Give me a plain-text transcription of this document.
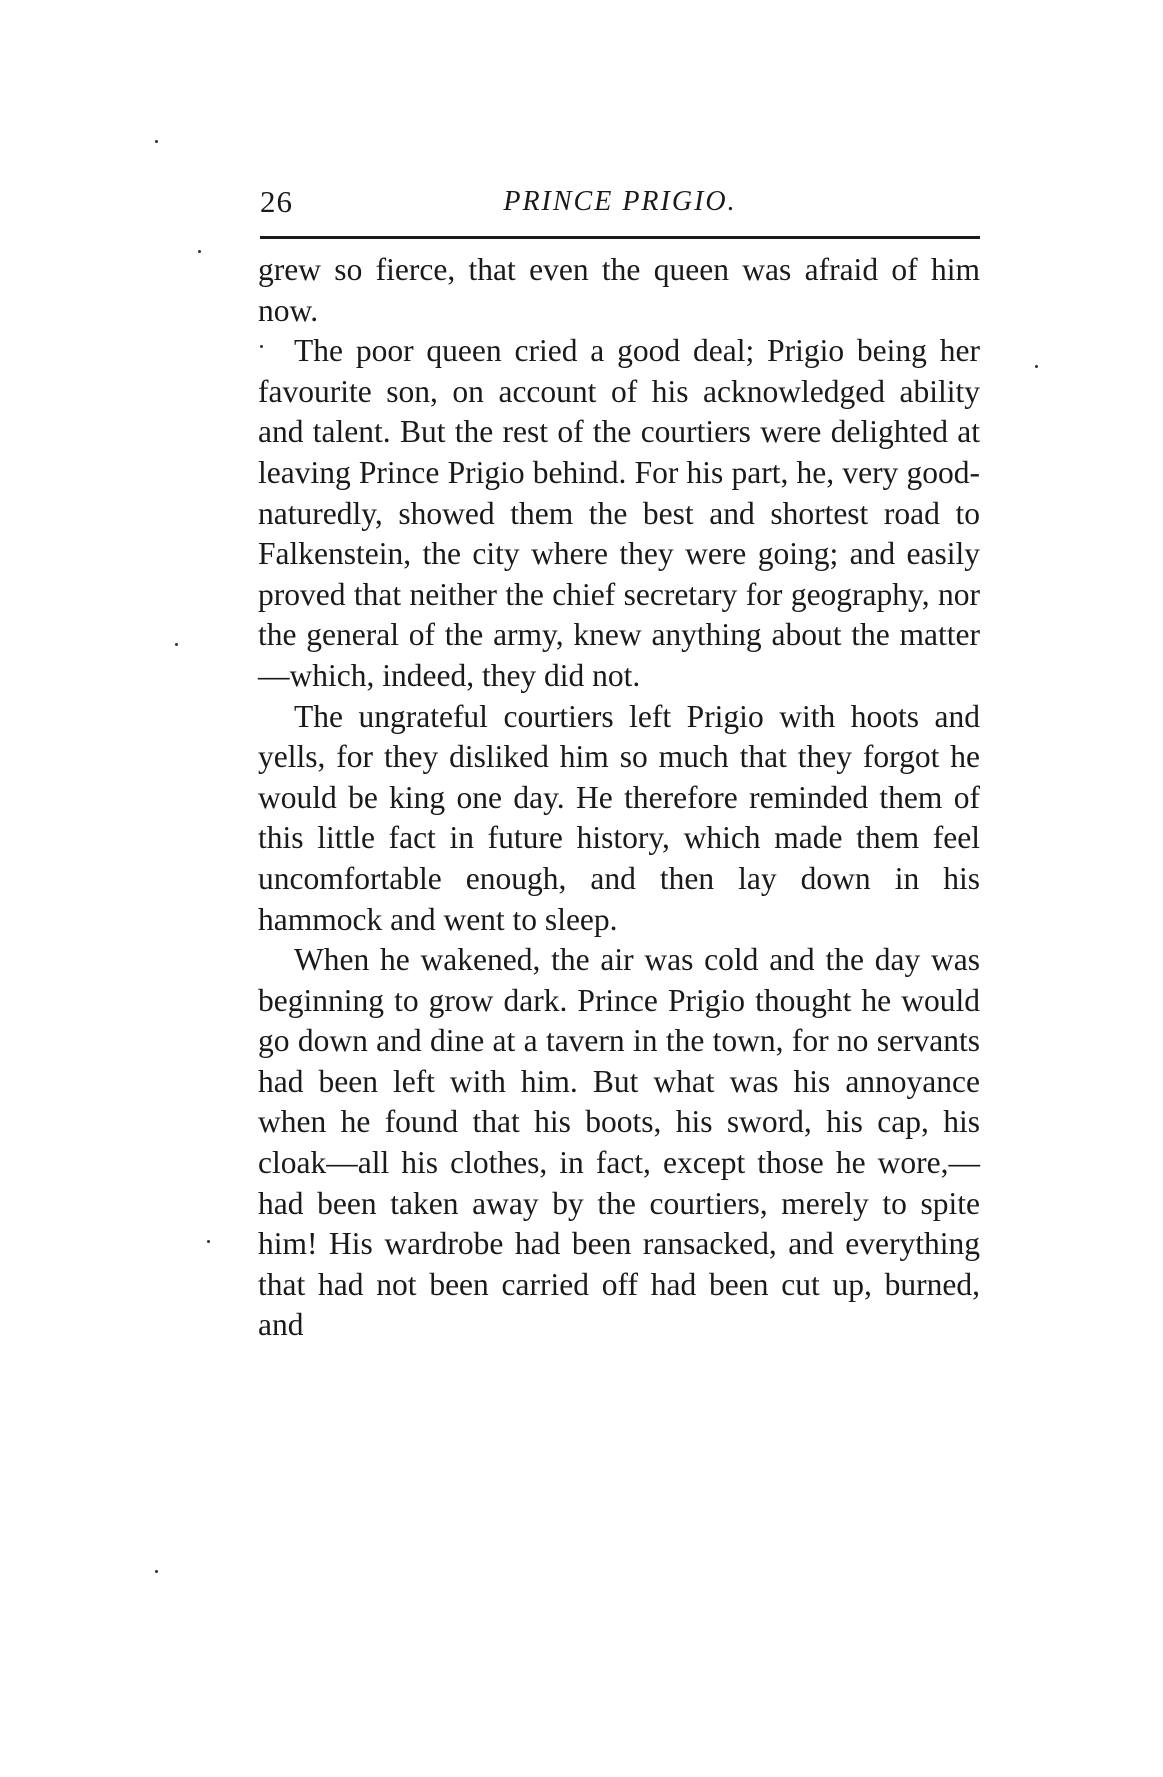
26	PRINCE PRIGIO.

grew so fierce, that even the queen was afraid of him now.

The poor queen cried a good deal; Prigio being her favourite son, on account of his acknowledged ability and talent. But the rest of the courtiers were delighted at leaving Prince Prigio behind. For his part, he, very good-naturedly, showed them the best and shortest road to Falkenstein, the city where they were going; and easily proved that neither the chief secretary for geography, nor the general of the army, knew anything about the matter—which, indeed, they did not.

The ungrateful courtiers left Prigio with hoots and yells, for they disliked him so much that they forgot he would be king one day. He therefore reminded them of this little fact in future history, which made them feel uncomfortable enough, and then lay down in his hammock and went to sleep.

When he wakened, the air was cold and the day was beginning to grow dark. Prince Prigio thought he would go down and dine at a tavern in the town, for no servants had been left with him. But what was his annoyance when he found that his boots, his sword, his cap, his cloak—all his clothes, in fact, except those he wore,—had been taken away by the courtiers, merely to spite him! His wardrobe had been ransacked, and everything that had not been carried off had been cut up, burned, and
